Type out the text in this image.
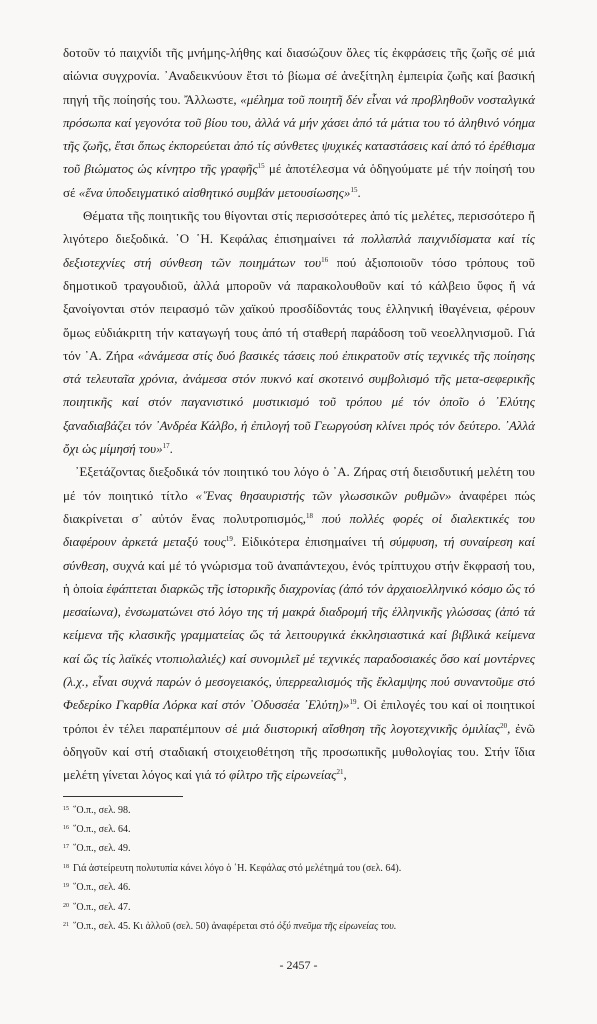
δοτοῦν τό παιχνίδι τῆς μνήμης-λήθης καί διασώζουν ὅλες τίς ἐκφράσεις τῆς ζωῆς σέ μιά αἰώνια συγχρονία. ᾿Αναδεικνύουν ἔτσι τό βίωμα σέ ἀνεξίτηλη ἐμπειρία ζωῆς καί βασική πηγή τῆς ποίησής του. Ἄλλωστε, «μέλημα τοῦ ποιητῆ δέν εἶναι νά προβληθοῦν νοσταλγικά πρόσωπα καί γεγονότα τοῦ βίου του, ἀλλά νά μήν χάσει ἀπό τά μάτια του τό ἀληθινό νόημα τῆς ζωῆς, ἔτσι ὅπως ἐκπορεύεται ἀπό τίς σύνθετες ψυχικές καταστάσεις καί ἀπό τό ἐρέθισμα τοῦ βιώματος ὡς κίνητρο τῆς γραφῆς$^{15}$ μέ ἀποτέλεσμα νά ὁδηγούματε μέ τήν ποίησή του σέ «ἕνα ὑποδειγματικό αἰσθητικό συμβάν μετουσίωσης»$^{15}$.

Θέματα τῆς ποιητικῆς του θίγονται στίς περισσότερες ἀπό τίς μελέτες, περισσότερο ἤ λιγότερο διεξοδικά. ῾Ο ῾Η. Κεφάλας ἐπισημαίνει τά πολλαπλά παιχνιδίσματα καί τίς δεξιοτεχνίες στή σύνθεση τῶν ποιημάτων του$^{16}$ πού ἀξιοποιοῦν τόσο τρόπους τοῦ δημοτικοῦ τραγουδιοῦ, ἀλλά μποροῦν νά παρακολουθοῦν καί τό κάλβειο ὕφος ἤ νά ξανοίγονται στόν πειρασμό τῶν χαϊκού προσδίδοντάς τους ἑλληνική ἰθαγένεια, φέρουν ὅμως εὐδιάκριτη τήν καταγωγή τους ἀπό τή σταθερή παράδοση τοῦ νεοελληνισμοῦ. Γιά τόν ᾿Α. Ζήρα «ἀνάμεσα στίς δυό βασικές τάσεις πού ἐπικρατοῦν στίς τεχνικές τῆς ποίησης στά τελευταῖα χρόνια, ἀνάμεσα στόν πυκνό καί σκοτεινό συμβολισμό τῆς μετα-σεφερικῆς ποιητικῆς καί στόν παγανιστικό μυστικισμό τοῦ τρόπου μέ τόν ὁποῖο ὁ ᾿Ελύτης ξαναδιαβάζει τόν ᾿Ανδρέα Κάλβο, ἡ ἐπιλογή τοῦ Γεωργούση κλίνει πρός τόν δεύτερο. ᾿Αλλά ὄχι ὡς μίμησή του»$^{17}$.

᾿Εξετάζοντας διεξοδικά τόν ποιητικό του λόγο ὁ ᾿Α. Ζήρας στή διεισδυτική μελέτη του μέ τόν ποιητικό τίτλο «῞Ενας θησαυριστής τῶν γλωσσικῶν ρυθμῶν» ἀναφέρει πώς διακρίνεται σ᾿ αὐτόν ἕνας πολυτροπισμός,$^{18}$ πού πολλές φορές οἱ διαλεκτικές του διαφέρουν ἀρκετά μεταξύ τους$^{19}$. Εἰδικότερα ἐπισημαίνει τή σύμφυση, τή συναίρεση καί σύνθεση, συχνά καί μέ τό γνώρισμα τοῦ ἀναπάντεχου, ἑνός τρίπτυχου στήν ἔκφρασή του, ἡ ὁποία ἐφάπτεται διαρκῶς τῆς ἱστορικῆς διαχρονίας (ἀπό τόν ἀρχαιοελληνικό κόσμο ὥς τό μεσαίωνα), ἐνσωματώνει στό λόγο της τή μακρά διαδρομή τῆς ἑλληνικῆς γλώσσας (ἀπό τά κείμενα τῆς κλασικῆς γραμματείας ὥς τά λειτουργικά ἐκκλησιαστικά καί βιβλικά κείμενα καί ὥς τίς λαϊκές ντοπιολαλιές) καί συνομιλεῖ μέ τεχνικές παραδοσιακές ὅσο καί μοντέρνες (λ.χ., εἶναι συχνά παρών ὁ μεσογειακός, ὑπερρεαλισμός τῆς ἔκλαμψης πού συναντοῦμε στό Φεδερίκο Γκαρθία Λόρκα καί στόν ᾿Οδυσσέα ᾿Ελύτη)»$^{19}$. Οἱ ἐπιλογές του καί οἱ ποιητικοί τρόποι ἐν τέλει παραπέμπουν σέ μιά διιστορική αἴσθηση τῆς λογοτεχνικῆς ὁμιλίας$^{20}$, ἐνῶ ὁδηγοῦν καί στή σταδιακή στοιχειοθέτηση τῆς προσωπικῆς μυθολογίας του. Στήν ἴδια μελέτη γίνεται λόγος καί γιά τό φίλτρο τῆς εἰρωνείας$^{21}$,

$^{15}$ ῞Ο.π., σελ. 98.
$^{16}$ ῞Ο.π., σελ. 64.
$^{17}$ ῞Ο.π., σελ. 49.
$^{18}$ Γιά ἀστείρευτη πολυτυπία κάνει λόγο ὁ ῾Η. Κεφάλας στό μελέτημά του (σελ. 64).
$^{19}$ ῞Ο.π., σελ. 46.
$^{20}$ ῞Ο.π., σελ. 47.
$^{21}$ ῞Ο.π., σελ. 45. Κι ἀλλοῦ (σελ. 50) ἀναφέρεται στό ὀξύ πνεῦμα τῆς εἰρωνείας του.
- 2457 -
